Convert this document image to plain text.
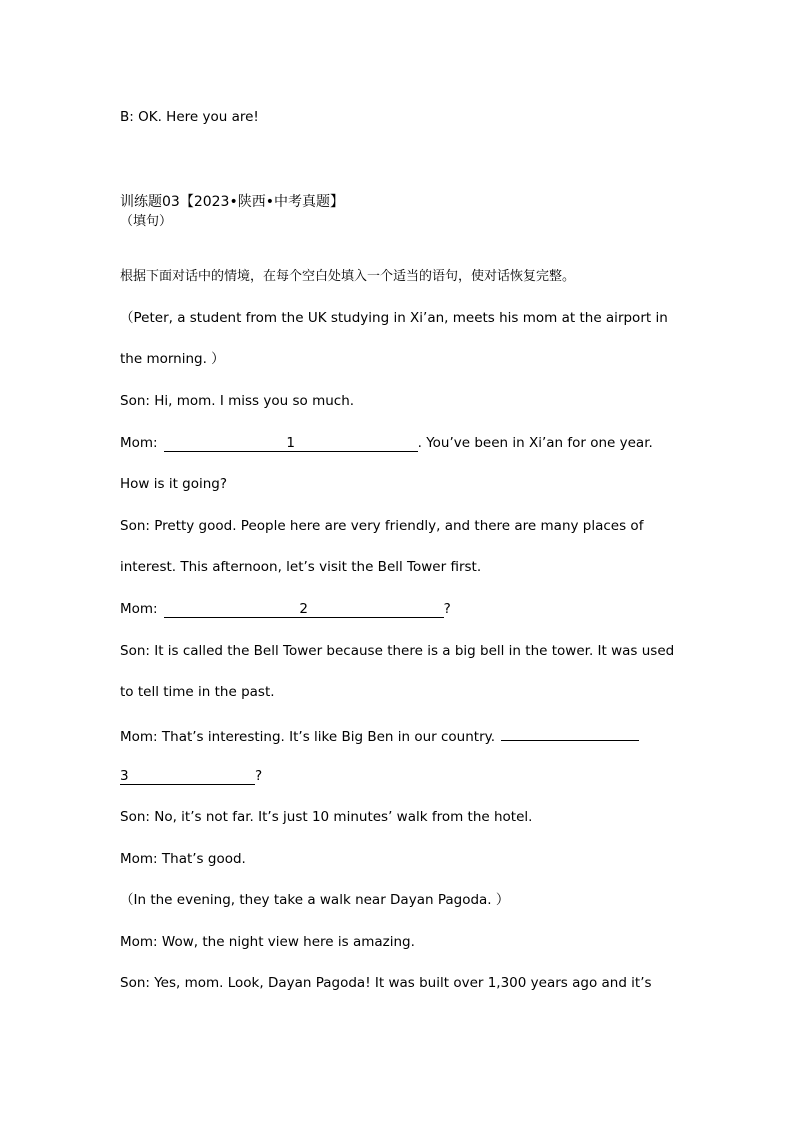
B: OK. Here you are!
训练题03【2023•陕西•中考真题】
（填句）
根据下面对话中的情境，在每个空白处填入一个适当的语句，使对话恢复完整。
（Peter, a student from the UK studying in Xi’an, meets his mom at the airport in
the morning. ）
Son: Hi, mom. I miss you so much.
Mom:	1	. You’ve been in Xi’an for one year.
How is it going?
Son: Pretty good. People here are very friendly, and there are many places of
interest. This afternoon, let’s visit the Bell Tower first.
Mom:	2	?
Son: It is called the Bell Tower because there is a big bell in the tower. It was used
to tell time in the past.
Mom: That’s interesting. It’s like Big Ben in our country.
3	?
Son: No, it’s not far. It’s just 10 minutes’ walk from the hotel.
Mom: That’s good.
（In the evening, they take a walk near Dayan Pagoda. ）
Mom: Wow, the night view here is amazing.
Son: Yes, mom. Look, Dayan Pagoda! It was built over 1,300 years ago and it’s
